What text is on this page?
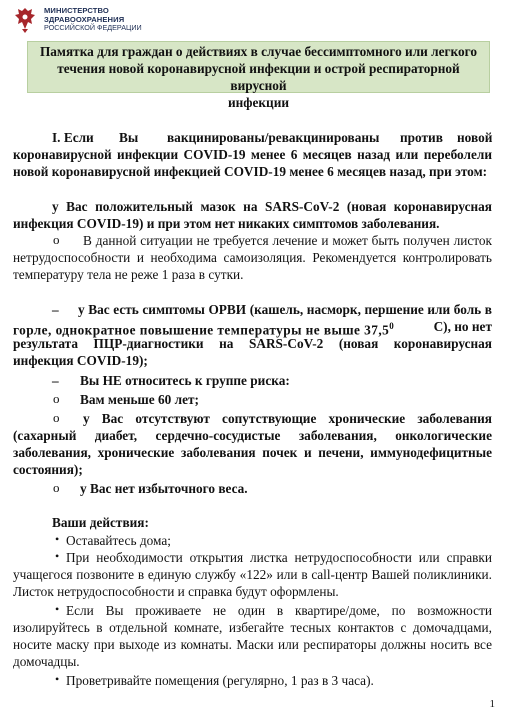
МИНИСТЕРСТВО
ЗДРАВООХРАНЕНИЯ
РОССИЙСКОЙ ФЕДЕРАЦИИ
Памятка для граждан о действиях в случае бессимптомного или легкого
течения новой коронавирусной инфекции и острой респираторной вирусной
инфекции
I. Если Вы вакцинированы/ревакцинированы против новой
коронавирусной инфекции COVID-19 менее 6 месяцев назад или переболели
новой коронавирусной инфекцией COVID-19 менее 6 месяцев назад, при этом:
у Вас положительный мазок на SARS-CoV-2 (новая коронавирусная
инфекция COVID-19) и при этом нет никаких симптомов заболевания.
o В данной ситуации не требуется лечение и может быть получен листок
нетрудоспособности и необходима самоизоляция. Рекомендуется контролировать
температуру тела не реже 1 раза в сутки.
– у Вас есть симптомы ОРВИ (кашель, насморк, першение или боль в
горле, однократное повышение температуры не выше 37,5$^0$	С), но нет
результата ПЦР-диагностики на SARS-CoV-2 (новая коронавирусная
инфекция COVID-19);
– Вы НЕ относитесь к группе риска:
o Вам меньше 60 лет;
o у Вас отсутствуют сопутствующие хронические заболевания
(сахарный диабет, сердечно-сосудистые заболевания, онкологические
заболевания, хронические заболевания почек и печени, иммунодефицитные
состояния);
o у Вас нет избыточного веса.
Ваши действия:
• Оставайтесь дома;
• При необходимости открытия листка нетрудоспособности или справки
учащегося позвоните в единую службу «122» или в call-центр Вашей поликлиники.
Листок нетрудоспособности и справка будут оформлены.
• Если Вы проживаете не один в квартире/доме, по возможности
изолируйтесь в отдельной комнате, избегайте тесных контактов с домочадцами,
носите маску при выходе из комнаты. Маски или респираторы должны носить все
домочадцы.
• Проветривайте помещения (регулярно, 1 раз в 3 часа).
1
